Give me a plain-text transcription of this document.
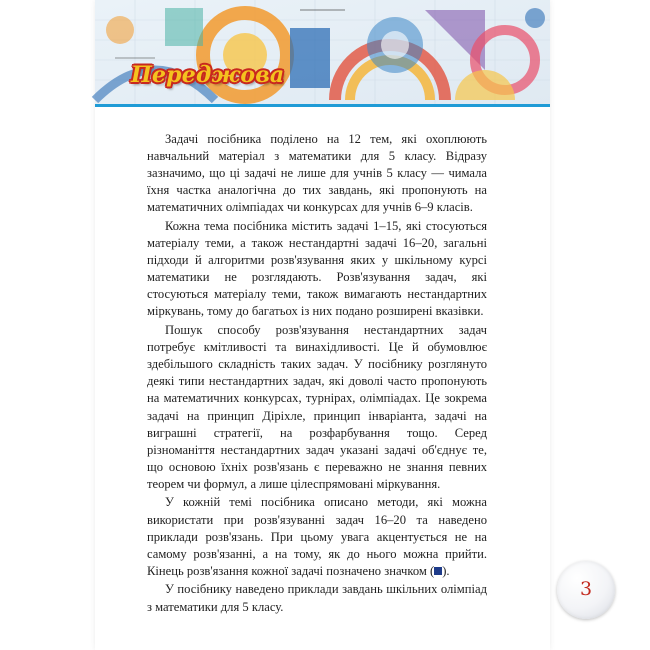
Переджова

Задачі посібника поділено на 12 тем, які охоплюють навчальний матеріал з математики для 5 класу. Відразу зазначимо, що ці задачі не лише для учнів 5 класу — чимала їхня частка аналогічна до тих завдань, які пропонують на математичних олімпіадах чи конкурсах для учнів 6–9 класів.

Кожна тема посібника містить задачі 1–15, які стосуються матеріалу теми, а також нестандартні задачі 16–20, загальні підходи й алгоритми розв'язування яких у шкільному курсі математики не розглядають. Розв'язування задач, які стосуються матеріалу теми, також вимагають нестандартних міркувань, тому до багатьох із них подано розширені вказівки.

Пошук способу розв'язування нестандартних задач потребує кмітливості та винахідливості. Це й обумовлює здебільшого складність таких задач. У посібнику розглянуто деякі типи нестандартних задач, які доволі часто пропонують на математичних конкурсах, турнірах, олімпіадах. Це зокрема задачі на принцип Діріхле, принцип інваріанта, задачі на виграшні стратегії, на розфарбування тощо. Серед різноманіття нестандартних задач указані задачі об'єднує те, що основою їхніх розв'язань є переважно не знання певних теорем чи формул, а лише цілеспрямовані міркування.

У кожній темі посібника описано методи, які можна використати при розв'язуванні задач 16–20 та наведено приклади розв'язань. При цьому увага акцентується не на самому розв'язанні, а на тому, як до нього можна прийти. Кінець розв'язання кожної задачі позначено значком ( ).

У посібнику наведено приклади завдань шкільних олімпіад з математики для 5 класу.

3
